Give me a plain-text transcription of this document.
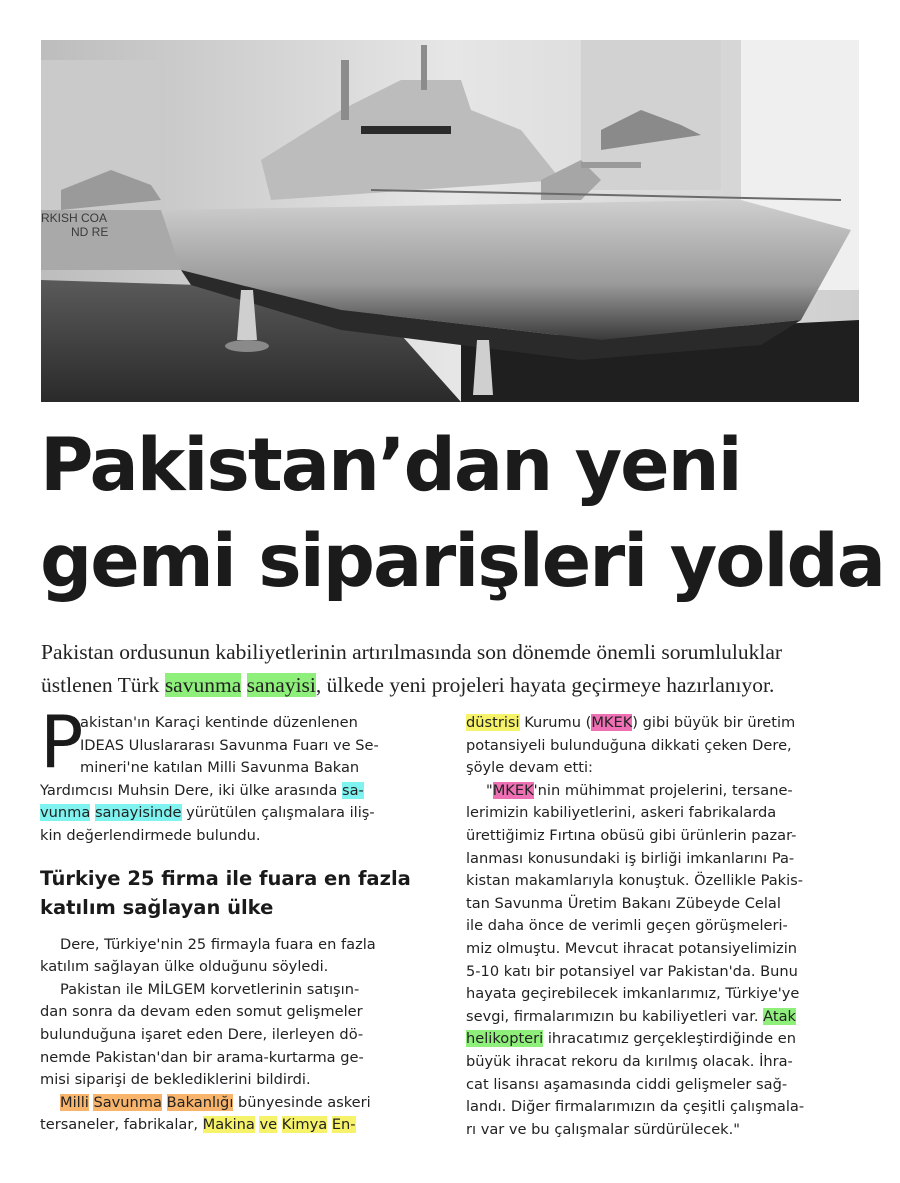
RKISH COA
ND RE
Pakistan’dan yeni
gemi siparişleri yolda

Pakistan ordusunun kabiliyetlerinin artırılmasında son dönemde önemli sorumluluklar
üstlenen Türk savunma sanayisi, ülkede yeni projeleri hayata geçirmeye hazırlanıyor.

P
akistan'ın Karaçi kentinde düzenlenen
IDEAS Uluslararası Savunma Fuarı ve Se-
mineri'ne katılan Milli Savunma Bakan
Yardımcısı Muhsin Dere, iki ülke arasında sa-
vunma sanayisinde yürütülen çalışmalara iliş-
kin değerlendirmede bulundu.
Türkiye 25 firma ile fuara en fazla
katılım sağlayan ülke
Dere, Türkiye'nin 25 firmayla fuara en fazla
katılım sağlayan ülke olduğunu söyledi.
Pakistan ile MİLGEM korvetlerinin satışın-
dan sonra da devam eden somut gelişmeler
bulunduğuna işaret eden Dere, ilerleyen dö-
nemde Pakistan'dan bir arama-kurtarma ge-
misi siparişi de beklediklerini bildirdi.
Milli Savunma Bakanlığı bünyesinde askeri
tersaneler, fabrikalar, Makina ve Kimya En-
düstrisi Kurumu (MKEK) gibi büyük bir üretim
potansiyeli bulunduğuna dikkati çeken Dere,
şöyle devam etti:
"MKEK'nin mühimmat projelerini, tersane-
lerimizin kabiliyetlerini, askeri fabrikalarda
ürettiğimiz Fırtına obüsü gibi ürünlerin pazar-
lanması konusundaki iş birliği imkanlarını Pa-
kistan makamlarıyla konuştuk. Özellikle Pakis-
tan Savunma Üretim Bakanı Zübeyde Celal
ile daha önce de verimli geçen görüşmeleri-
miz olmuştu. Mevcut ihracat potansiyelimizin
5-10 katı bir potansiyel var Pakistan'da. Bunu
hayata geçirebilecek imkanlarımız, Türkiye'ye
sevgi, firmalarımızın bu kabiliyetleri var. Atak
helikopteri ihracatımız gerçekleştirdiğinde en
büyük ihracat rekoru da kırılmış olacak. İhra-
cat lisansı aşamasında ciddi gelişmeler sağ-
landı. Diğer firmalarımızın da çeşitli çalışmala-
rı var ve bu çalışmalar sürdürülecek."
